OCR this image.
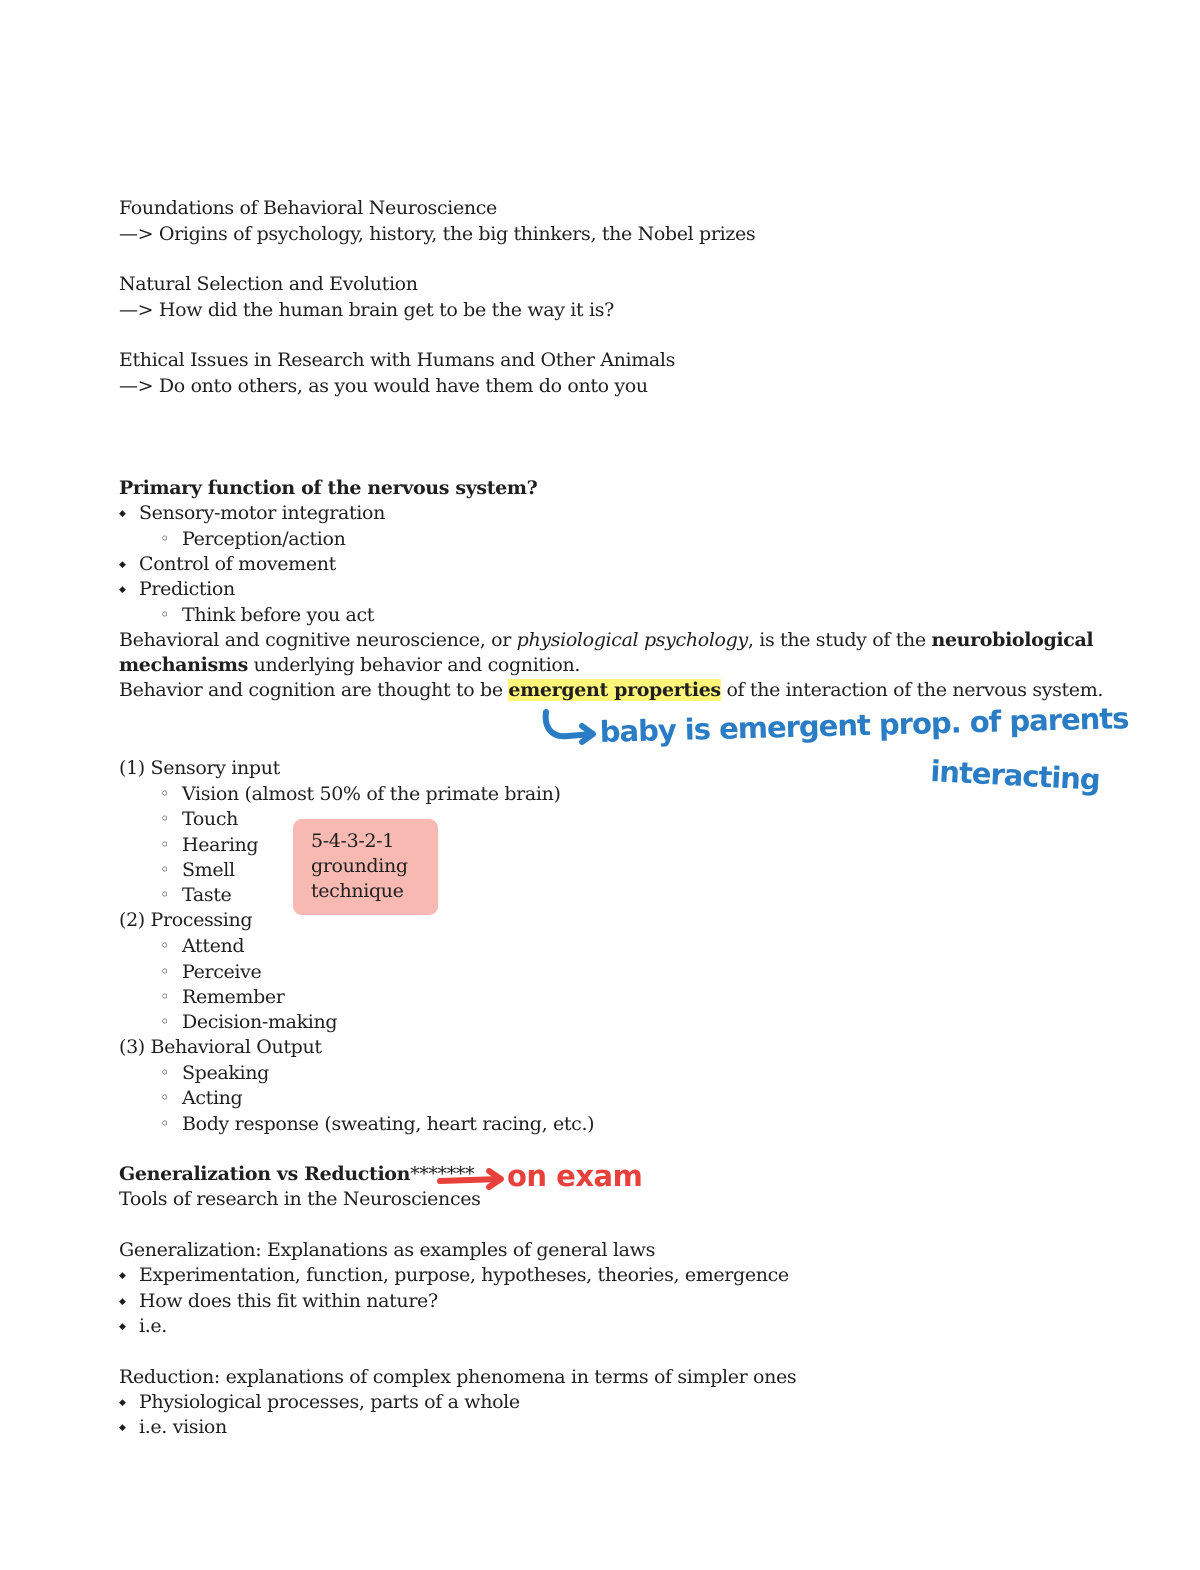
Foundations of Behavioral Neuroscience

—> Origins of psychology, history, the big thinkers, the Nobel prizes

Natural Selection and Evolution

—> How did the human brain get to be the way it is?

Ethical Issues in Research with Humans and Other Animals

—> Do onto others, as you would have them do onto you

Primary function of the nervous system?

◆ Sensory-motor integration

◦ Perception/action

◆ Control of movement

◆ Prediction

◦ Think before you act

Behavioral and cognitive neuroscience, or physiological psychology, is the study of the neurobiological

mechanisms underlying behavior and cognition.

Behavior and cognition are thought to be emergent properties of the interaction of the nervous system.

baby is emergent prop. of parents
interacting
on exam

(1) Sensory input

◦ Vision (almost 50% of the primate brain)

◦ Touch

◦ Hearing

◦ Smell

◦ Taste

5-4-3-2-1
grounding
technique

(2) Processing

◦ Attend

◦ Perceive

◦ Remember

◦ Decision-making

(3) Behavioral Output

◦ Speaking

◦ Acting

◦ Body response (sweating, heart racing, etc.)

Generalization vs Reduction*******

Tools of research in the Neurosciences

Generalization: Explanations as examples of general laws

◆ Experimentation, function, purpose, hypotheses, theories, emergence

◆ How does this fit within nature?

◆ i.e.

Reduction: explanations of complex phenomena in terms of simpler ones

◆ Physiological processes, parts of a whole

◆ i.e. vision
